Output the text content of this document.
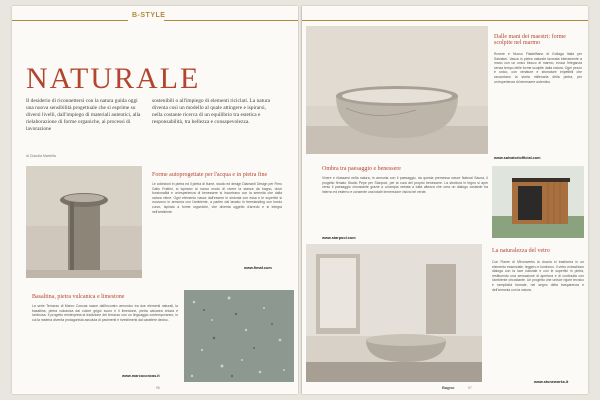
B-STYLE
NATURALE
Il desiderio di riconnettersi con la natura guida oggi una nuova sensibilità progettuale che si esprime su diversi livelli, dall'impiego di materiali autentici, alla rielaborazione di forme organiche, ai processi di lavorazione
sostenibili o all'impiego di elementi riciclati. La natura diventa così un modello al quale attingere e ispirarsi, nella costante ricerca di un equilibrio tra estetica e responsabilità, tra bellezza e consapevolezza.
di Claudia Martella
Forme autoprogettate per l'acqua e in pietra fine
Le collezioni in pietra ed il pietra di fiume, studio ed design Diamanti Design per Fimo Gallo Frattini, si ispirano al nuovo modo di vivere la stanza da bagno, dove funzionalità e un'esperienza di benessere si incontrano con la serenità che dalla natura viene. Ogni elemento nasce dall'essere in sintonia con essa e le superfici si muovono in armonia con l'ambiente, a partire dal lavabo in freestanding con bordo curvo, ispirato a forme organiche, che diventa oggetto d'arredo e si integra nell'ambiente.
www.fimaf.com
Basaltina, pietra vulcanica e limestone
La serie Terrazzo di Marco Concas nasce dall'incontro armonico tra due elementi naturali, la basaltina, pietra vulcanica dal colore grigio scuro e il limestone, pietra calcarea chiara e luminosa. Il progetto reinterpreta la tradizione del terrazzo con un linguaggio contemporaneo, in cui la materia diventa protagonista assoluta di pavimenti e rivestimenti dal carattere deciso.
www.marcoconcas.it
96
Dalle mani dei maestri: forme scolpite nel marmo
Rovere e Nuovo Filadelfiano di Gollaga Italia per Salvatori. Vasca in pietra naturale lavorata interamente a mano con un unico blocco di marmo, evoca l'eleganza senza tempo delle forme scolpite dalla natura. Ogni pezzo è unico, con venature e sfumature irripetibili che raccontano la storia millenaria della pietra, per un'esperienza di benessere autentico.
www.salvatoriofficial.com
Ombra tra paesaggio e benessere
Vivere e rilassarsi nella natura, in armonia con il paesaggio, da questa premessa nasce Natural Sauna, il progetto firmato Studio Pepe per Starpool, per la cura del proprio benessere. La struttura in legno si apre verso il paesaggio circostante grazie a un'ampia vetrata a tutta altezza che crea un dialogo costante tra interno ed esterno e consente una totale immersione visiva nel verde.
www.starpool.com
La naturalezza del vetro
Con Flame di Mirrorwerks la doccia si trasforma in un elemento essenziale, leggero e luminoso. Il vetro extrachiaro dialoga con la luce naturale e con le superfici in pietra, restituendo una sensazione di apertura e di continuità con l'ambiente circostante. Un progetto che unisce rigore tecnico e semplicità formale, nel segno della trasparenza e dell'armonia con la natura.
www.stoneworks.it
Bagno	97
